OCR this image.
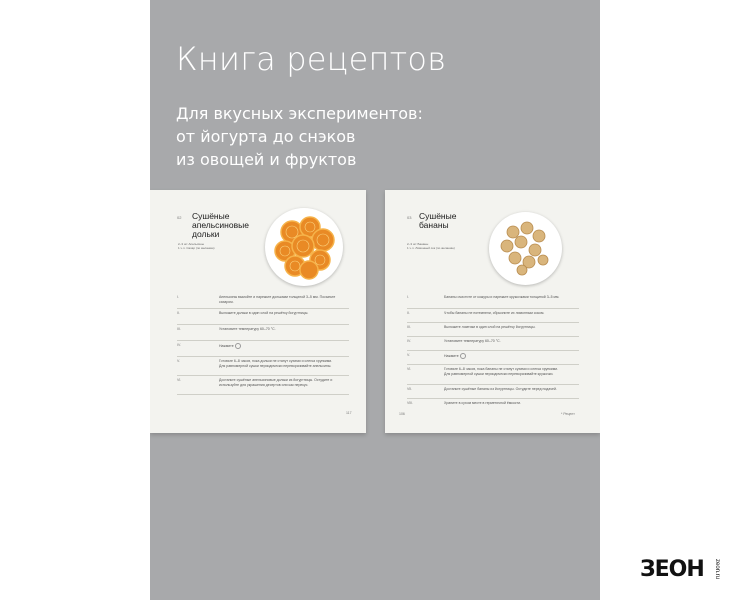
Книга рецептов
Для вкусных экспериментов:
от йогурта до снэков
из овощей и фруктов
02 Сушёные
апельсиновые
дольки
2–3 шт Апельсины
1 ч.л. Сахар (по желанию)
I.	Апельсины вымойте и нарежьте дольками толщиной 3–5 мм. Посыпьте сахаром.
II.	Выложите дольки в один слой на решётку йогуртницы.
III.	Установите температуру 60–70 °C.
IV.	Нажмите
V.	Готовьте 6–8 часов, пока дольки не станут сухими и слегка хрупкими. Для равномерной сушки периодически переворачивайте апельсины.
VI.	Достаньте сушёные апельсиновые дольки из йогуртницы. Остудите и используйте для украшения десертов или как перекус.
117
03 Сушёные
бананы
2–3 шт Бананы
1 ч.л. Лимонный сок (по желанию)
I.	Бананы очистите от кожуры и нарежьте кружочками толщиной 3–5 мм.
II.	Чтобы бананы не потемнели, сбрызните их лимонным соком.
III.	Выложите ломтики в один слой на решётку йогуртницы.
IV.	Установите температуру 60–70 °C.
V.	Нажмите
VI.	Готовьте 6–8 часов, пока бананы не станут сухими и слегка хрупкими. Для равномерной сушки периодически переворачивайте кружочки.
VII.	Достаньте сушёные бананы из йогуртницы. Остудите перед подачей.
VIII.	Храните в сухом месте в герметичной ёмкости.
106	* Рецепт
ЗЕОН zeon.ru
